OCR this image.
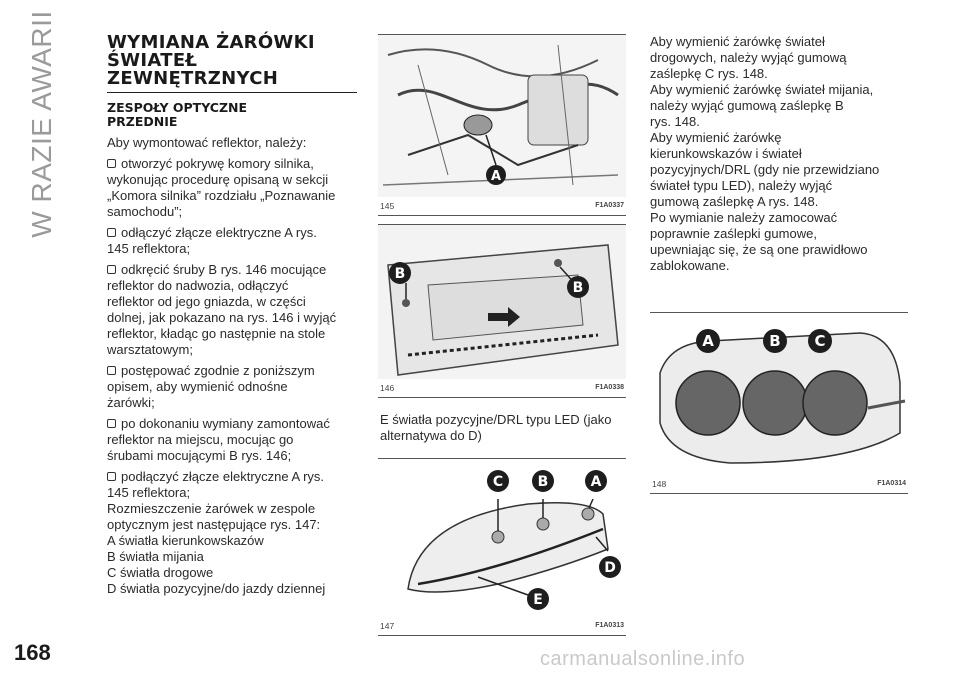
W RAZIE AWARII
168
WYMIANA ŻARÓWKI
ŚWIATEŁ
ZEWNĘTRZNYCH
ZESPOŁY OPTYCZNE
PRZEDNIE
Aby wymontować reflektor, należy:
otworzyć pokrywę komory silnika,
wykonując procedurę opisaną w sekcji
„Komora silnika” rozdziału „Poznawanie
samochodu”;
odłączyć złącze elektryczne A rys.
145 reflektora;
odkręcić śruby B rys. 146 mocujące
reflektor do nadwozia, odłączyć
reflektor od jego gniazda, w części
dolnej, jak pokazano na rys. 146 i wyjąć
reflektor, kładąc go następnie na stole
warsztatowym;
postępować zgodnie z poniższym
opisem, aby wymienić odnośne
żarówki;
po dokonaniu wymiany zamontować
reflektor na miejscu, mocując go
śrubami mocującymi B rys. 146;
podłączyć złącze elektryczne A rys.
145 reflektora;
Rozmieszczenie żarówek w zespole
optycznym jest następujące rys. 147:
A światła kierunkowskazów
B światła mijania
C światła drogowe
D światła pozycyjne/do jazdy dziennej
A
145	F1A0337
B
B
146	F1A0338
E światła pozycyjne/DRL typu LED (jako
alternatywa do D)
C B	A
D
E
147	F1A0313
Aby wymienić żarówkę świateł
drogowych, należy wyjąć gumową
zaślepkę C rys. 148.
Aby wymienić żarówkę świateł mijania,
należy wyjąć gumową zaślepkę B
rys. 148.
Aby wymienić żarówkę
kierunkowskazów i świateł
pozycyjnych/DRL (gdy nie przewidziano
świateł typu LED), należy wyjąć
gumową zaślepkę A rys. 148.
Po wymianie należy zamocować
poprawnie zaślepki gumowe,
upewniając się, że są one prawidłowo
zablokowane.
A	B C
148	F1A0314
carmanualsonline.info
